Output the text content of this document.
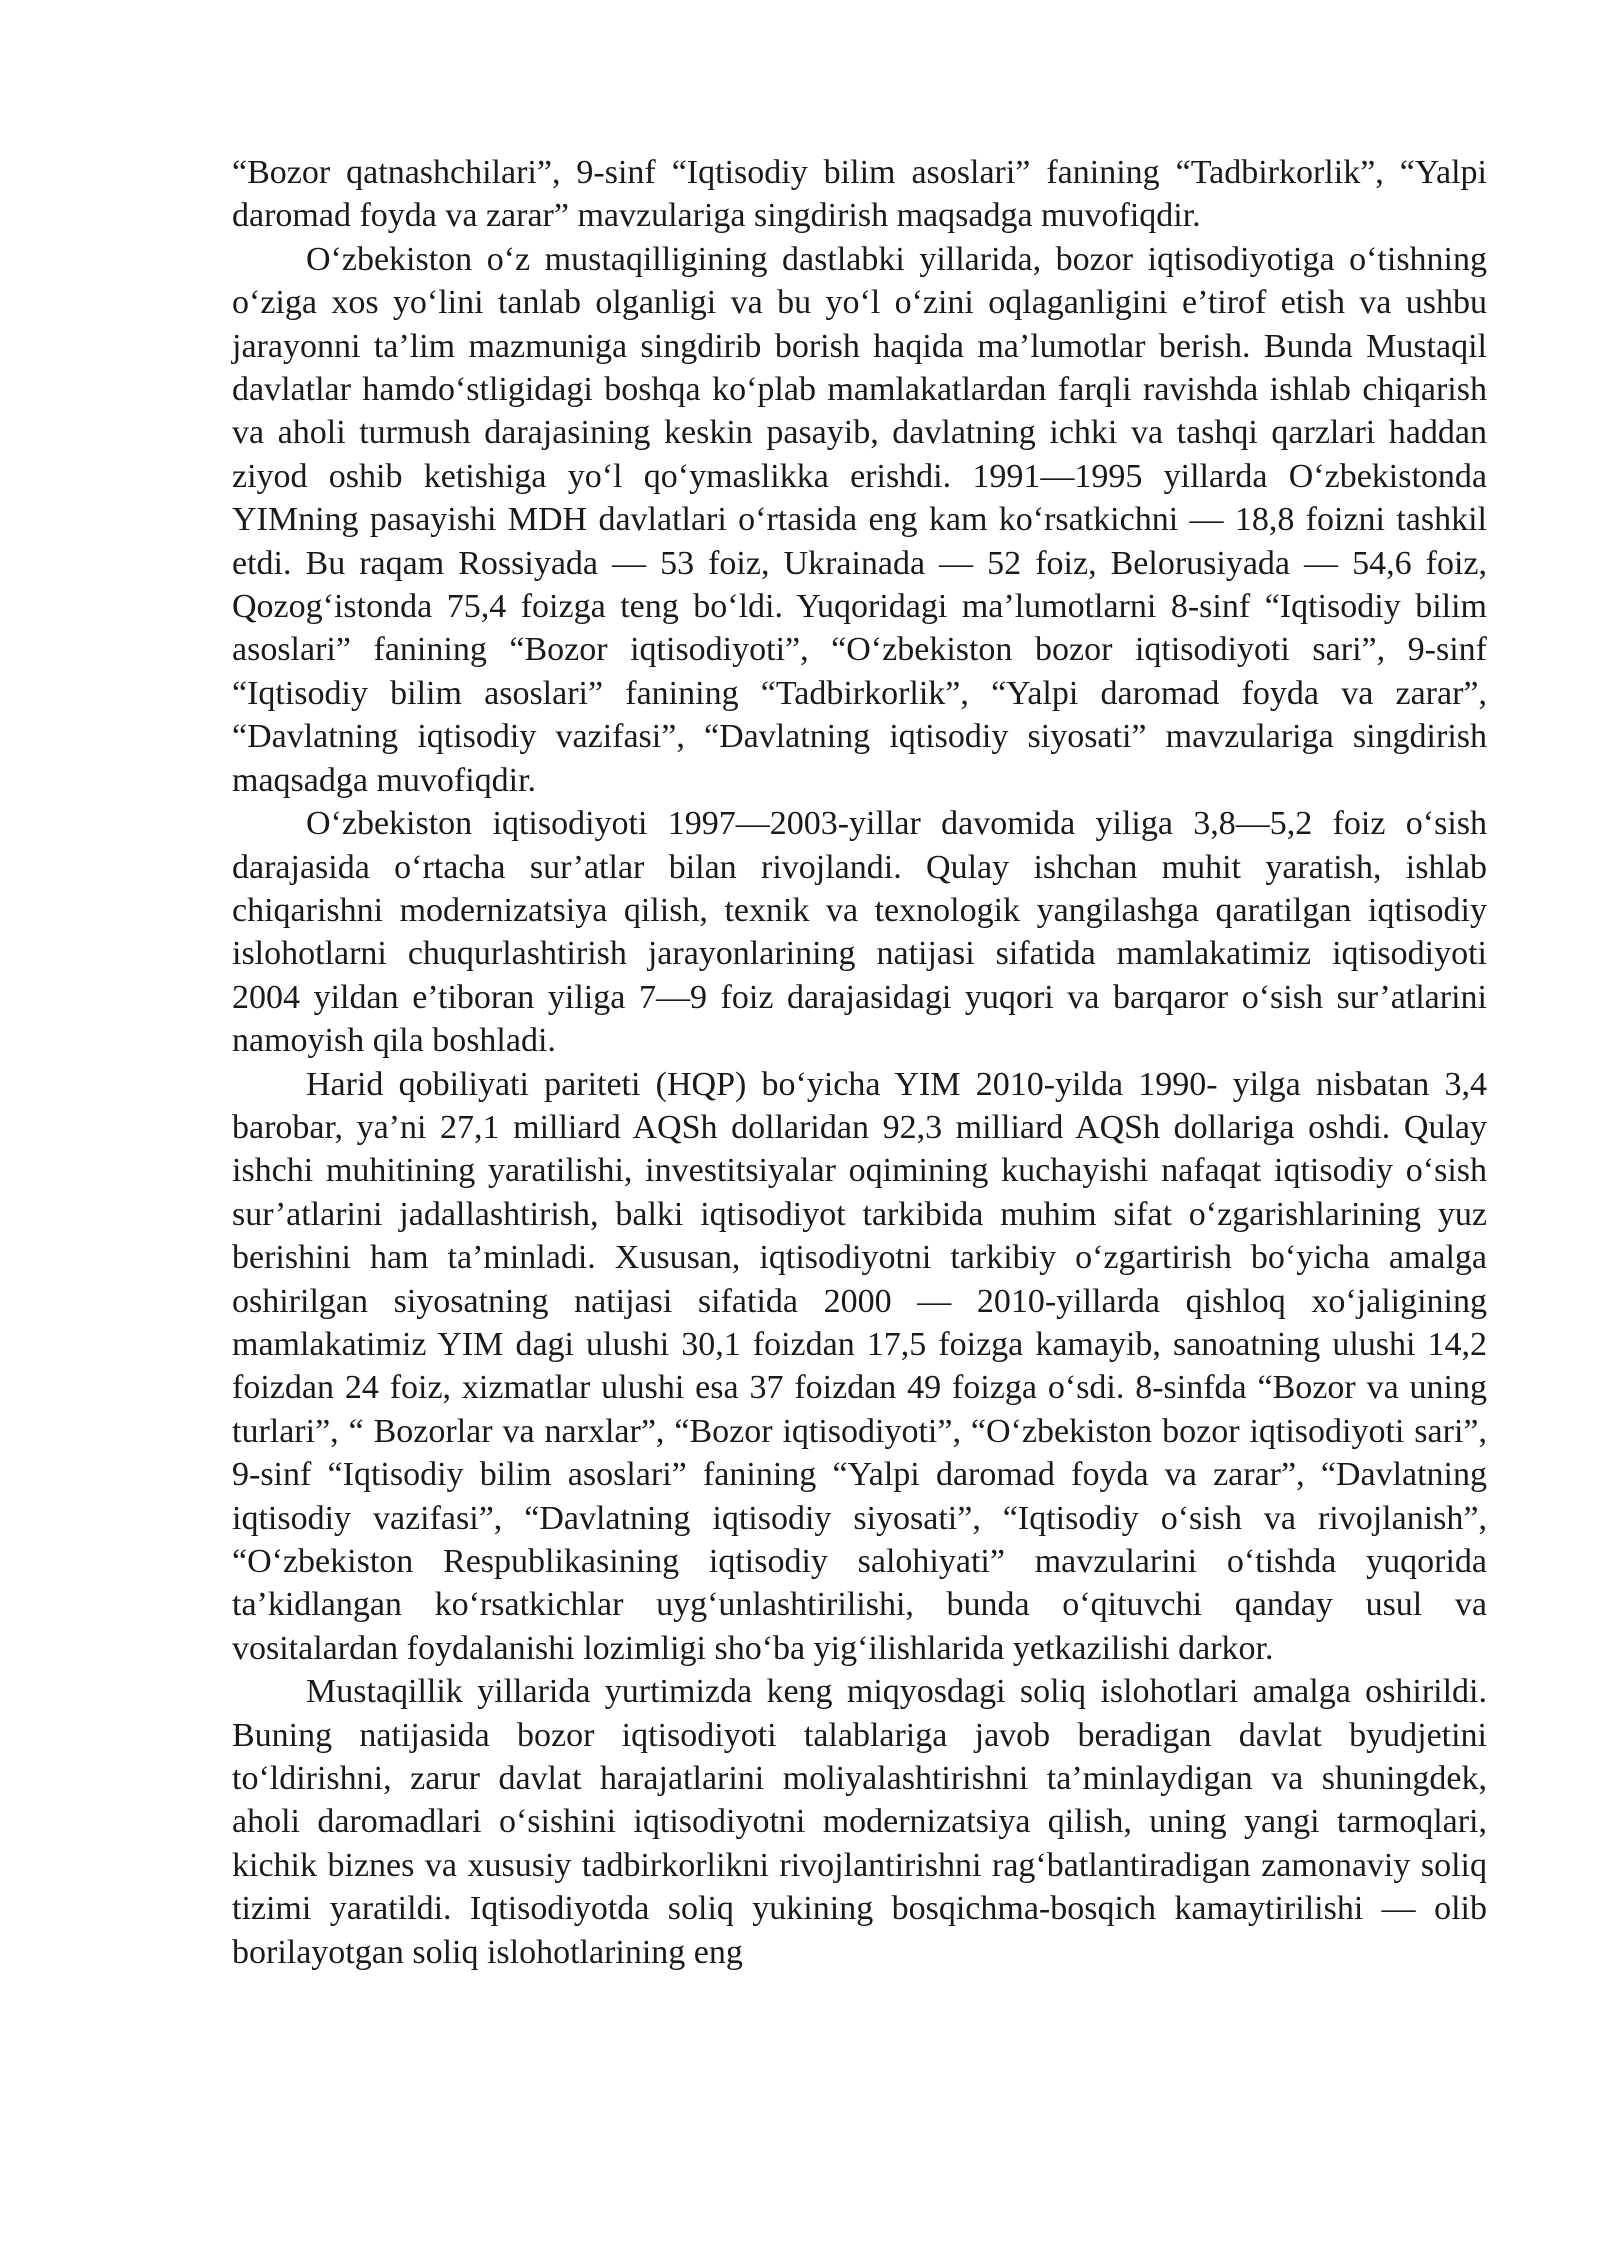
“Bozor qatnashchilari”, 9-sinf “Iqtisodiy bilim asoslari” fanining “Tadbirkorlik”, “Yalpi daromad foyda va zarar” mavzulariga singdirish maqsadga muvofiqdir.

O‘zbekiston o‘z mustaqilligining dastlabki yillarida, bozor iqtisodiyotiga o‘tishning o‘ziga xos yo‘lini tanlab olganligi va bu yo‘l o‘zini oqlaganligini e’tirof etish va ushbu jarayonni ta’lim mazmuniga singdirib borish haqida ma’lumotlar berish. Bunda Mustaqil davlatlar hamdo‘stligidagi boshqa ko‘plab mamlakatlardan farqli ravishda ishlab chiqarish va aholi turmush darajasining keskin pasayib, davlatning ichki va tashqi qarzlari haddan ziyod oshib ketishiga yo‘l qo‘ymaslikka erishdi. 1991—1995 yillarda O‘zbekistonda YIMning pasayishi MDH davlatlari o‘rtasida eng kam ko‘rsatkichni — 18,8 foizni tashkil etdi. Bu raqam Rossiyada — 53 foiz, Ukrainada — 52 foiz, Belorusiyada — 54,6 foiz, Qozog‘istonda 75,4 foizga teng bo‘ldi. Yuqoridagi ma’lumotlarni 8-sinf “Iqtisodiy bilim asoslari” fanining “Bozor iqtisodiyoti”, “O‘zbekiston bozor iqtisodiyoti sari”, 9-sinf “Iqtisodiy bilim asoslari” fanining “Tadbirkorlik”, “Yalpi daromad foyda va zarar”, “Davlatning iqtisodiy vazifasi”, “Davlatning iqtisodiy siyosati” mavzulariga singdirish maqsadga muvofiqdir.

O‘zbekiston iqtisodiyoti 1997—2003-yillar davomida yiliga 3,8—5,2 foiz o‘sish darajasida o‘rtacha sur’atlar bilan rivojlandi. Qulay ishchan muhit yaratish, ishlab chiqarishni modernizatsiya qilish, texnik va texnologik yangilashga qaratilgan iqtisodiy islohotlarni chuqurlashtirish jarayonlarining natijasi sifatida mamlakatimiz iqtisodiyoti 2004 yildan e’tiboran yiliga 7—9 foiz darajasidagi yuqori va barqaror o‘sish sur’atlarini namoyish qila boshladi.

Harid qobiliyati pariteti (HQP) bo‘yicha YIM 2010-yilda 1990- yilga nisbatan 3,4 barobar, ya’ni 27,1 milliard AQSh dollaridan 92,3 milliard AQSh dollariga oshdi. Qulay ishchi muhitining yaratilishi, investitsiyalar oqimining kuchayishi nafaqat iqtisodiy o‘sish sur’atlarini jadallashtirish, balki iqtisodiyot tarkibida muhim sifat o‘zgarishlarining yuz berishini ham ta’minladi. Xususan, iqtisodiyotni tarkibiy o‘zgartirish bo‘yicha amalga oshirilgan siyosatning natijasi sifatida 2000 — 2010-yillarda qishloq xo‘jaligining mamlakatimiz YIM dagi ulushi 30,1 foizdan 17,5 foizga kamayib, sanoatning ulushi 14,2 foizdan 24 foiz, xizmatlar ulushi esa 37 foizdan 49 foizga o‘sdi. 8-sinfda “Bozor va uning turlari”, “ Bozorlar va narxlar”, “Bozor iqtisodiyoti”, “O‘zbekiston bozor iqtisodiyoti sari”, 9-sinf “Iqtisodiy bilim asoslari” fanining “Yalpi daromad foyda va zarar”, “Davlatning iqtisodiy vazifasi”, “Davlatning iqtisodiy siyosati”, “Iqtisodiy o‘sish va rivojlanish”, “O‘zbekiston Respublikasining iqtisodiy salohiyati” mavzularini o‘tishda yuqorida ta’kidlangan ko‘rsatkichlar uyg‘unlashtirilishi, bunda o‘qituvchi qanday usul va vositalardan foydalanishi lozimligi sho‘ba yig‘ilishlarida yetkazilishi darkor.

Mustaqillik yillarida yurtimizda keng miqyosdagi soliq islohotlari amalga oshirildi. Buning natijasida bozor iqtisodiyoti talablariga javob beradigan davlat byudjetini to‘ldirishni, zarur davlat harajatlarini moliyalashtirishni ta’minlaydigan va shuningdek, aholi daromadlari o‘sishini iqtisodiyotni modernizatsiya qilish, uning yangi tarmoqlari, kichik biznes va xususiy tadbirkorlikni rivojlantirishni rag‘batlantiradigan zamonaviy soliq tizimi yaratildi. Iqtisodiyotda soliq yukining bosqichma-bosqich kamaytirilishi — olib borilayotgan soliq islohotlarining eng
